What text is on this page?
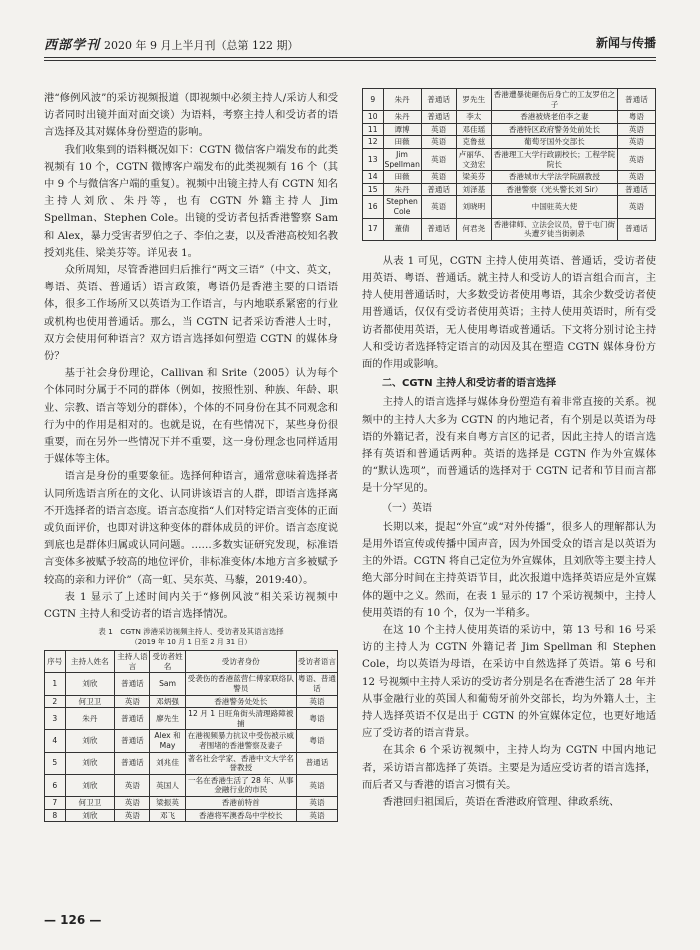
西部学刊 2020 年 9 月上半月刊（总第 122 期）	新闻与传播

港“修例风波”的采访视频报道（即视频中必须主持人/采访人和受访者同时出镜并面对面交谈）为语料，考察主持人和受访者的语言选择及其对媒体身份塑造的影响。

我们收集到的语料概况如下：CGTN 微信客户端发布的此类视频有 10 个，CGTN 微博客户端发布的此类视频有 16 个（其中 9 个与微信客户端的重复）。视频中出镜主持人有 CGTN 知名主持人刘欣、朱丹等，也有 CGTN 外籍主持人 Jim Spellman、Stephen Cole。出镜的受访者包括香港警察 Sam 和 Alex，暴力受害者罗伯之子、李伯之妻，以及香港高校知名教授刘兆佳、梁美芬等。详见表 1。

众所周知，尽管香港回归后推行“两文三语”（中文、英文，粤语、英语、普通话）语言政策，粤语仍是香港主要的口语语体，很多工作场所又以英语为工作语言，与内地联系紧密的行业或机构也使用普通话。那么，当 CGTN 记者采访香港人士时，双方会使用何种语言？双方语言选择如何塑造 CGTN 的媒体身份？

基于社会身份理论，Callivan 和 Srite（2005）认为每个个体同时分属于不同的群体（例如，按照性别、种族、年龄、职业、宗教、语言等划分的群体），个体的不同身份在其不同观念和行为中的作用是相对的。也就是说，在有些情况下，某些身份很重要，而在另外一些情况下并不重要，这一身份理念也同样适用于媒体等主体。

语言是身份的重要象征。选择何种语言，通常意味着选择者认同所选语言所在的文化、认同讲该语言的人群，即语言选择离不开选择者的语言态度。语言态度指“人们对特定语言变体的正面或负面评价，也即对讲这种变体的群体成员的评价。语言态度说到底也是群体归属或认同问题。……多数实证研究发现，标准语言变体多被赋予较高的地位评价，非标准变体/本地方言多被赋予较高的亲和力评价”（高一虹、吴东英、马藜，2019:40）。

表 1 显示了上述时间内关于“修例风波”相关采访视频中 CGTN 主持人和受访者的语言选择情况。

表 1　CGTN 涉港采访视频主持人、受访者及其语言选择
（2019 年 10 月 1 日至 2 月 31 日）
序号	主持人姓名	主持人语言	受访者姓名	受访者身份	受访者语言
1	刘欣	普通话	Sam	受袭伤的香港蓝营仁傅家联络队警员	粤语、普通话
2	何卫卫	英语	邓炳强	香港警务处处长	英语
3	朱丹	普通话	廖先生	12 月 1 日旺角街头清理路障被捕	粤语
4	刘欣	普通话	Alex 和 May	在港视频暴力抗议中受伤被示威者围堵的香港警察及妻子	粤语
5	刘欣	普通话	刘兆佳	著名社会学家、香港中文大学名誉教授	普通话
6	刘欣	英语	英国人	一名在香港生活了 28 年、从事金融行业的市民	英语
7	何卫卫	英语	梁振英	香港前特首	英语
8	刘欣	英语	邓飞	香港将军澳香岛中学校长	英语
9	朱丹	普通话	罗先生	香港遭暴徒砸伤后身亡的工友罗伯之子	普通话
10	朱丹	普通话	李太	香港被烧老伯李之妻	粤语
11	谭博	英语	邓佳瑶	香港特区政府警务处前处长	英语
12	田薇	英语	克鲁兹	葡萄牙国外交部长	英语
13	Jim Spellman	英语	卢丽华、文劲宏	香港理工大学行政副校长；工程学院院长	英语
14	田薇	英语	梁美芬	香港城市大学法学院副教授	英语
15	朱丹	普通话	刘泽基	香港警察（光头警长刘 Sir）	普通话
16	Stephen Cole	英语	刘晓明	中国驻英大使	英语
17	董倩	普通话	何君尧	香港律师、立法会议员，曾于屯门街头遭歹徒当街刺杀	普通话

从表 1 可见，CGTN 主持人使用英语、普通话，受访者使用英语、粤语、普通话。就主持人和受访人的语言组合而言，主持人使用普通话时，大多数受访者使用粤语，其余少数受访者使用普通话，仅仅有受访者使用英语；主持人使用英语时，所有受访者都使用英语，无人使用粤语或普通话。下文将分别讨论主持人和受访者选择特定语言的动因及其在塑造 CGTN 媒体身份方面的作用或影响。

二、CGTN 主持人和受访者的语言选择

主持人的语言选择与媒体身份塑造有着非常直接的关系。视频中的主持人大多为 CGTN 的内地记者，有个别是以英语为母语的外籍记者，没有来自粤方言区的记者，因此主持人的语言选择有英语和普通话两种。英语的选择是 CGTN 作为外宣媒体的“默认选项”，而普通话的选择对于 CGTN 记者和节目而言都是十分罕见的。

（一）英语

长期以来，提起“外宣”或“对外传播”，很多人的理解都认为是用外语宣传或传播中国声音，因为外国受众的语言是以英语为主的外语。CGTN 将自己定位为外宣媒体，且刘欣等主要主持人绝大部分时间在主持英语节目，此次报道中选择英语应是外宣媒体的题中之义。然而，在表 1 显示的 17 个采访视频中，主持人使用英语的有 10 个，仅为一半稍多。

在这 10 个主持人使用英语的采访中，第 13 号和 16 号采访的主持人为 CGTN 外籍记者 Jim Spellman 和 Stephen Cole，均以英语为母语，在采访中自然选择了英语。第 6 号和 12 号视频中主持人采访的受访者分别是名在香港生活了 28 年并从事金融行业的英国人和葡萄牙前外交部长，均为外籍人士，主持人选择英语不仅是出于 CGTN 的外宣媒体定位，也更好地适应了受访者的语言背景。

在其余 6 个采访视频中，主持人均为 CGTN 中国内地记者，采访语言都选择了英语。主要是为适应受访者的语言选择，而后者又与香港的语言习惯有关。

香港回归祖国后，英语在香港政府管理、律政系统、

— 126 —
